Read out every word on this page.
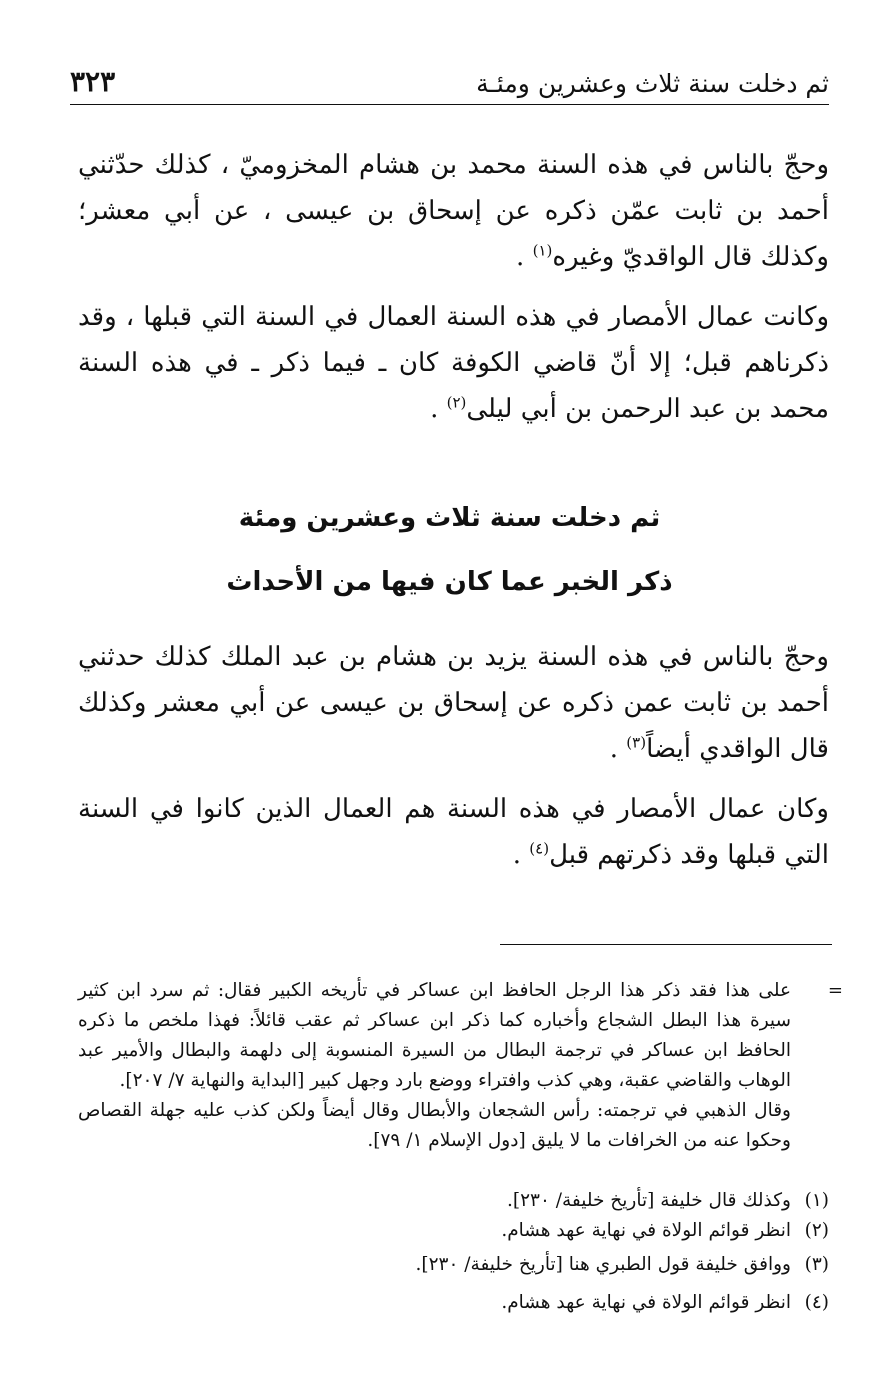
ثم دخلت سنة ثلاث وعشرين ومئـة
٣٢٣

وحجّ بالناس في هذه السنة محمد بن هشام المخزوميّ ، كذلك حدّثني أحمد بن ثابت عمّن ذكره عن إسحاق بن عيسى ، عن أبي معشر؛ وكذلك قال الواقديّ وغيره$^{(١)}$ .

وكانت عمال الأمصار في هذه السنة العمال في السنة التي قبلها ، وقد ذكرناهم قبل؛ إلا أنّ قاضي الكوفة كان ـ فيما ذكر ـ في هذه السنة محمد بن عبد الرحمن بن أبي ليلى$^{(٢)}$ .

ثم دخلت سنة ثلاث وعشرين ومئة
ذكر الخبر عما كان فيها من الأحداث

وحجّ بالناس في هذه السنة يزيد بن هشام بن عبد الملك كذلك حدثني أحمد بن ثابت عمن ذكره عن إسحاق بن عيسى عن أبي معشر وكذلك قال الواقدي أيضاً$^{(٣)}$ .

وكان عمال الأمصار في هذه السنة هم العمال الذين كانوا في السنة التي قبلها وقد ذكرتهم قبل$^{(٤)}$ .

=

على هذا فقد ذكر هذا الرجل الحافظ ابن عساكر في تأريخه الكبير فقال: ثم سرد ابن كثير سيرة هذا البطل الشجاع وأخباره كما ذكر ابن عساكر ثم عقب قائلاً: فهذا ملخص ما ذكره الحافظ ابن عساكر في ترجمة البطال من السيرة المنسوبة إلى دلهمة والبطال والأمير عبد الوهاب والقاضي عقبة، وهي كذب وافتراء ووضع بارد وجهل كبير [البداية والنهاية ٧/ ٢٠٧].

وقال الذهبي في ترجمته: رأس الشجعان والأبطال وقال أيضاً ولكن كذب عليه جهلة القصاص وحكوا عنه من الخرافات ما لا يليق [دول الإسلام ١/ ٧٩].

(١)
وكذلك قال خليفة [تأريخ خليفة/ ٢٣٠].
(٢)
انظر قوائم الولاة في نهاية عهد هشام.
(٣)
ووافق خليفة قول الطبري هنا [تأريخ خليفة/ ٢٣٠].
(٤)
انظر قوائم الولاة في نهاية عهد هشام.
